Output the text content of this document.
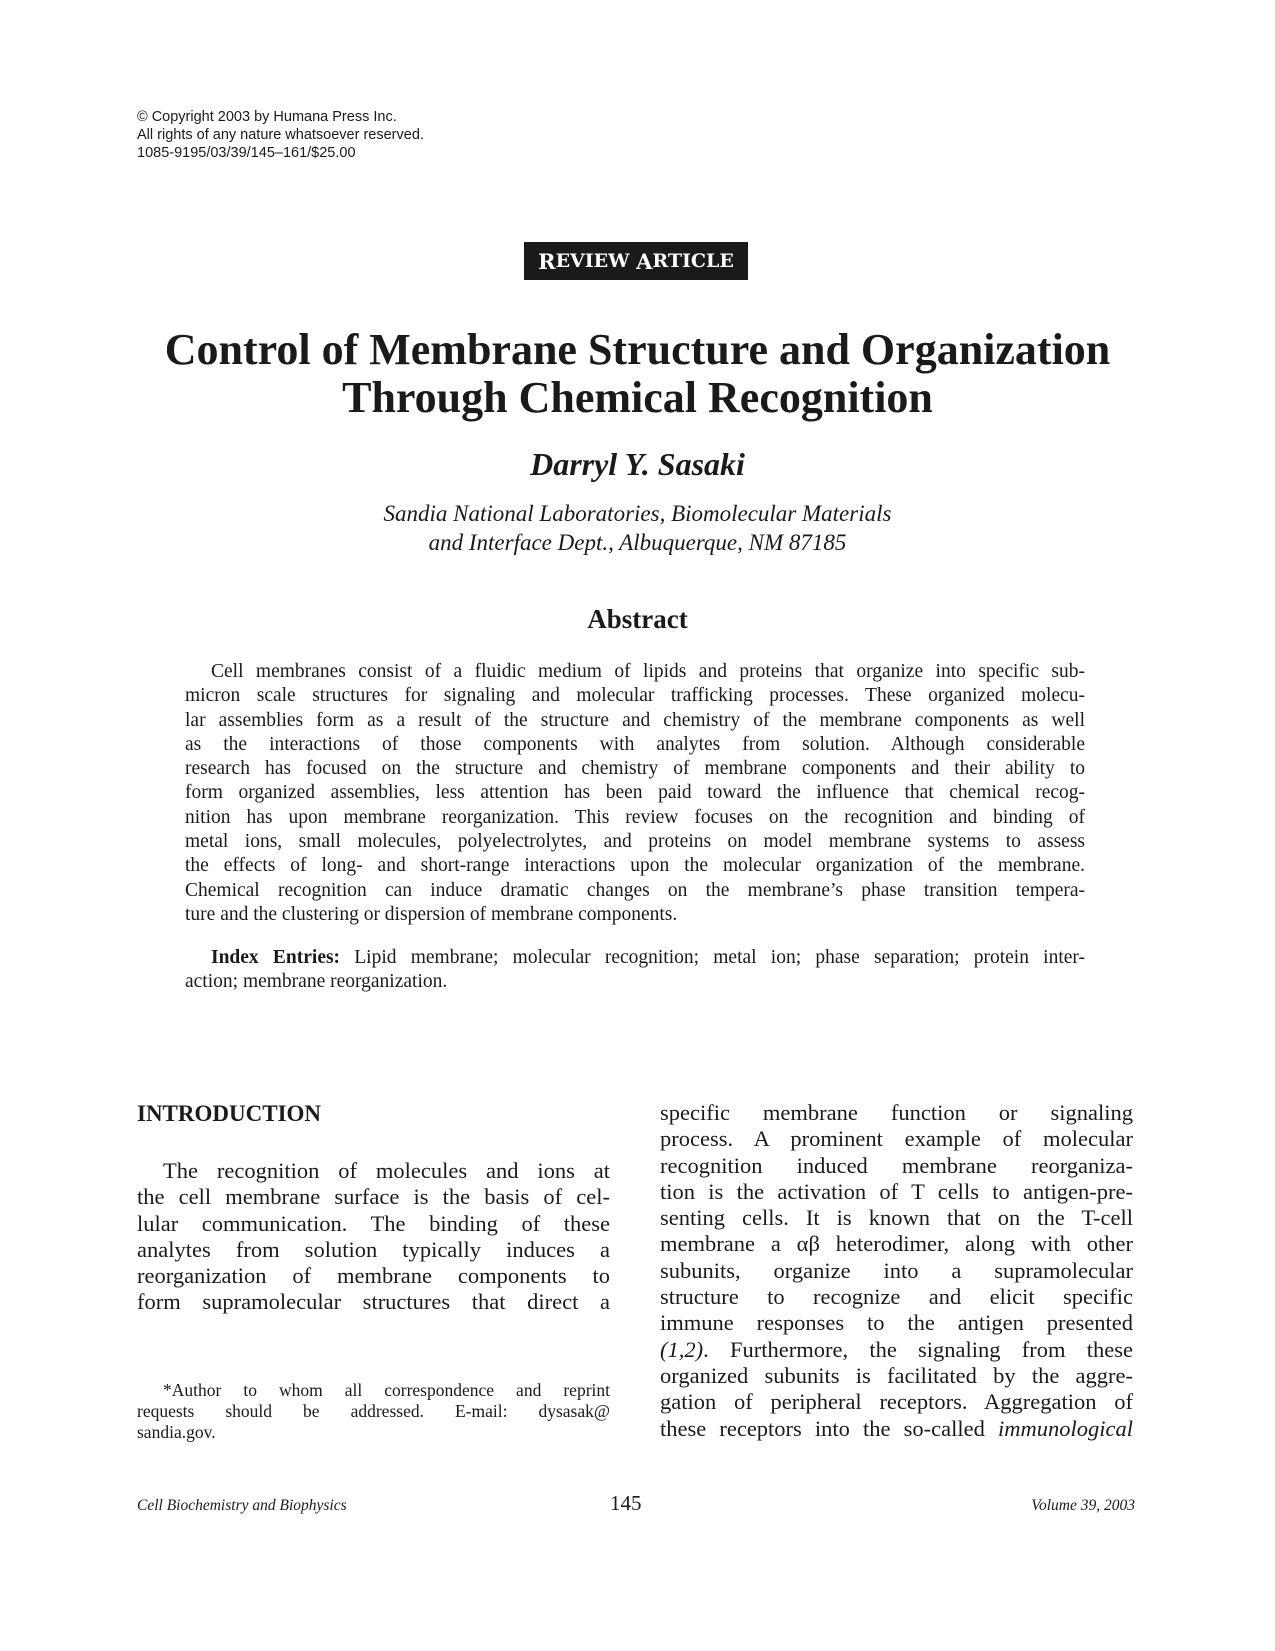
© Copyright 2003 by Humana Press Inc.
All rights of any nature whatsoever reserved.
1085-9195/03/39/145–161/$25.00
R EVIEW
A RTICLE
Control of Membrane Structure and Organization
Through Chemical Recognition
Darryl Y. Sasaki
Sandia National Laboratories, Biomolecular Materials
and Interface Dept., Albuquerque, NM 87185
Abstract
Cell membranes consist of a fluidic medium of lipids and proteins that organize into specific sub-
micron scale structures for signaling and molecular trafficking processes. These organized molecu-
lar assemblies form as a result of the structure and chemistry of the membrane components as well
as the interactions of those components with analytes from solution. Although considerable
research has focused on the structure and chemistry of membrane components and their ability to
form organized assemblies, less attention has been paid toward the influence that chemical recog-
nition has upon membrane reorganization. This review focuses on the recognition and binding of
metal ions, small molecules, polyelectrolytes, and proteins on model membrane systems to assess
the effects of long- and short-range interactions upon the molecular organization of the membrane.
Chemical recognition can induce dramatic changes on the membrane’s phase transition tempera-
ture and the clustering or dispersion of membrane components.
Index Entries: Lipid membrane; molecular recognition; metal ion; phase separation; protein inter-
action; membrane reorganization.
INTRODUCTION
The recognition of molecules and ions at
the cell membrane surface is the basis of cel-
lular communication. The binding of these
analytes from solution typically induces a
reorganization of membrane components to
form supramolecular structures that direct a
specific membrane function or signaling
process. A prominent example of molecular
recognition induced membrane reorganiza-
tion is the activation of T cells to antigen-pre-
senting cells. It is known that on the T-cell
membrane a αβ heterodimer, along with other
subunits, organize into a supramolecular
structure to recognize and elicit specific
immune responses to the antigen presented
(1,2). Furthermore, the signaling from these
organized subunits is facilitated by the aggre-
gation of peripheral receptors. Aggregation of
these receptors into the so-called immunological
*Author to whom all correspondence and reprint
requests should be addressed. E-mail: dysasak@
sandia.gov.
Cell Biochemistry and Biophysics	145	Volume 39, 2003
